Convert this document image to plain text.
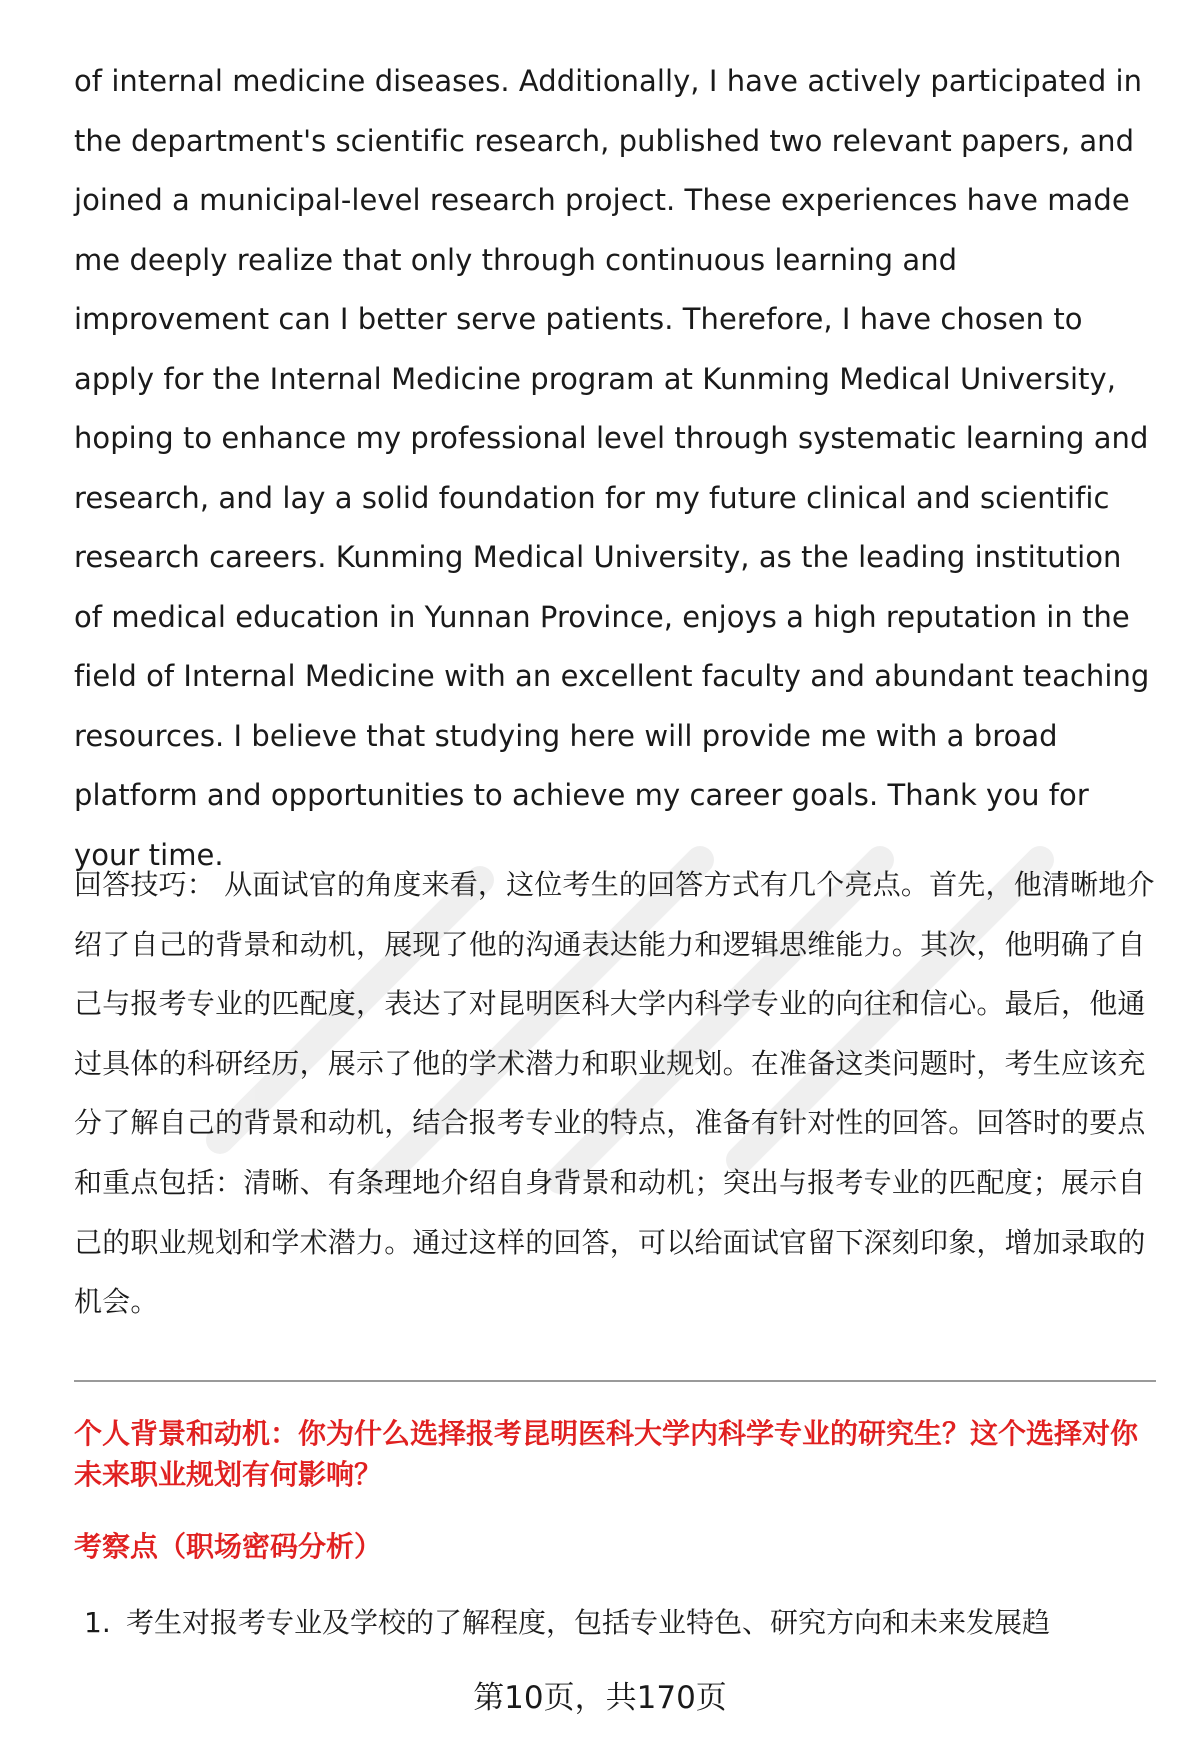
of internal medicine diseases. Additionally, I have actively participated in the department's scientific research, published two relevant papers, and joined a municipal-level research project. These experiences have made me deeply realize that only through continuous learning and improvement can I better serve patients. Therefore, I have chosen to apply for the Internal Medicine program at Kunming Medical University, hoping to enhance my professional level through systematic learning and research, and lay a solid foundation for my future clinical and scientific research careers. Kunming Medical University, as the leading institution of medical education in Yunnan Province, enjoys a high reputation in the field of Internal Medicine with an excellent faculty and abundant teaching resources. I believe that studying here will provide me with a broad platform and opportunities to achieve my career goals. Thank you for your time.

回答技巧： 从面试官的角度来看，这位考生的回答方式有几个亮点。首先，他清晰地介绍了自己的背景和动机，展现了他的沟通表达能力和逻辑思维能力。其次，他明确了自己与报考专业的匹配度，表达了对昆明医科大学内科学专业的向往和信心。最后，他通过具体的科研经历，展示了他的学术潜力和职业规划。在准备这类问题时，考生应该充分了解自己的背景和动机，结合报考专业的特点，准备有针对性的回答。回答时的要点和重点包括：清晰、有条理地介绍自身背景和动机；突出与报考专业的匹配度；展示自己的职业规划和学术潜力。通过这样的回答，可以给面试官留下深刻印象，增加录取的机会。

个人背景和动机：你为什么选择报考昆明医科大学内科学专业的研究生？这个选择对你未来职业规划有何影响？

考察点（职场密码分析）

1. 考生对报考专业及学校的了解程度，包括专业特色、研究方向和未来发展趋

第10页，共170页
